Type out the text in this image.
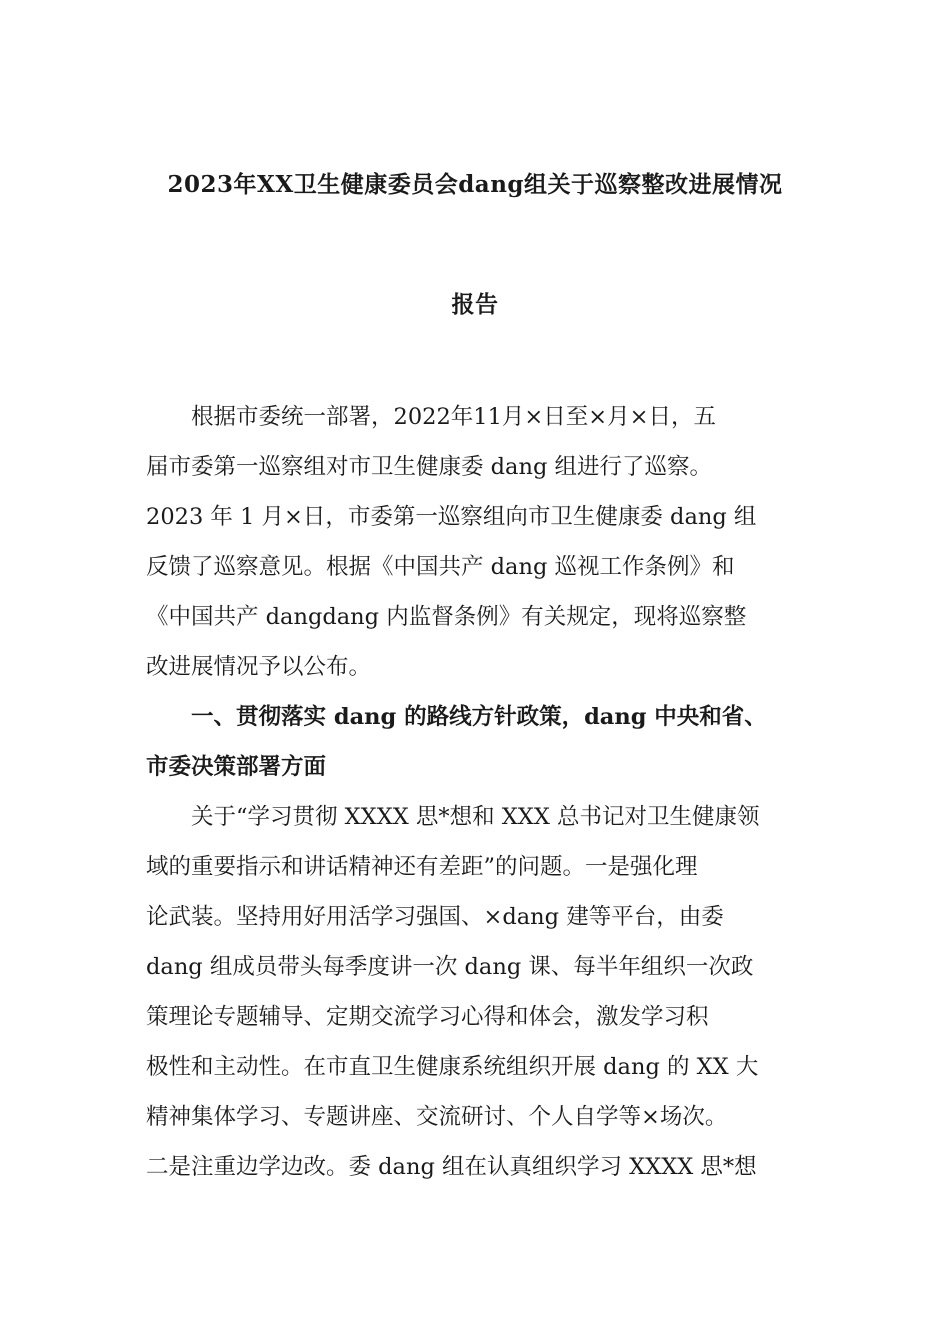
2023年XX卫生健康委员会dang组关于巡察整改进展情况
报告
　　根据市委统一部署，2022年11月×日至×月×日，五
届市委第一巡察组对市卫生健康委 dang 组进行了巡察。
2023 年 1 月×日，市委第一巡察组向市卫生健康委 dang 组
反馈了巡察意见。根据《中国共产 dang 巡视工作条例》和
《中国共产 dangdang 内监督条例》有关规定，现将巡察整
改进展情况予以公布。
　　一、贯彻落实 dang 的路线方针政策，dang 中央和省、
市委决策部署方面
　　关于“学习贯彻 XXXX 思*想和 XXX 总书记对卫生健康领
域的重要指示和讲话精神还有差距”的问题。一是强化理
论武装。坚持用好用活学习强国、×dang 建等平台，由委
dang 组成员带头每季度讲一次 dang 课、每半年组织一次政
策理论专题辅导、定期交流学习心得和体会，激发学习积
极性和主动性。在市直卫生健康系统组织开展 dang 的 XX 大
精神集体学习、专题讲座、交流研讨、个人自学等×场次。
二是注重边学边改。委 dang 组在认真组织学习 XXXX 思*想
